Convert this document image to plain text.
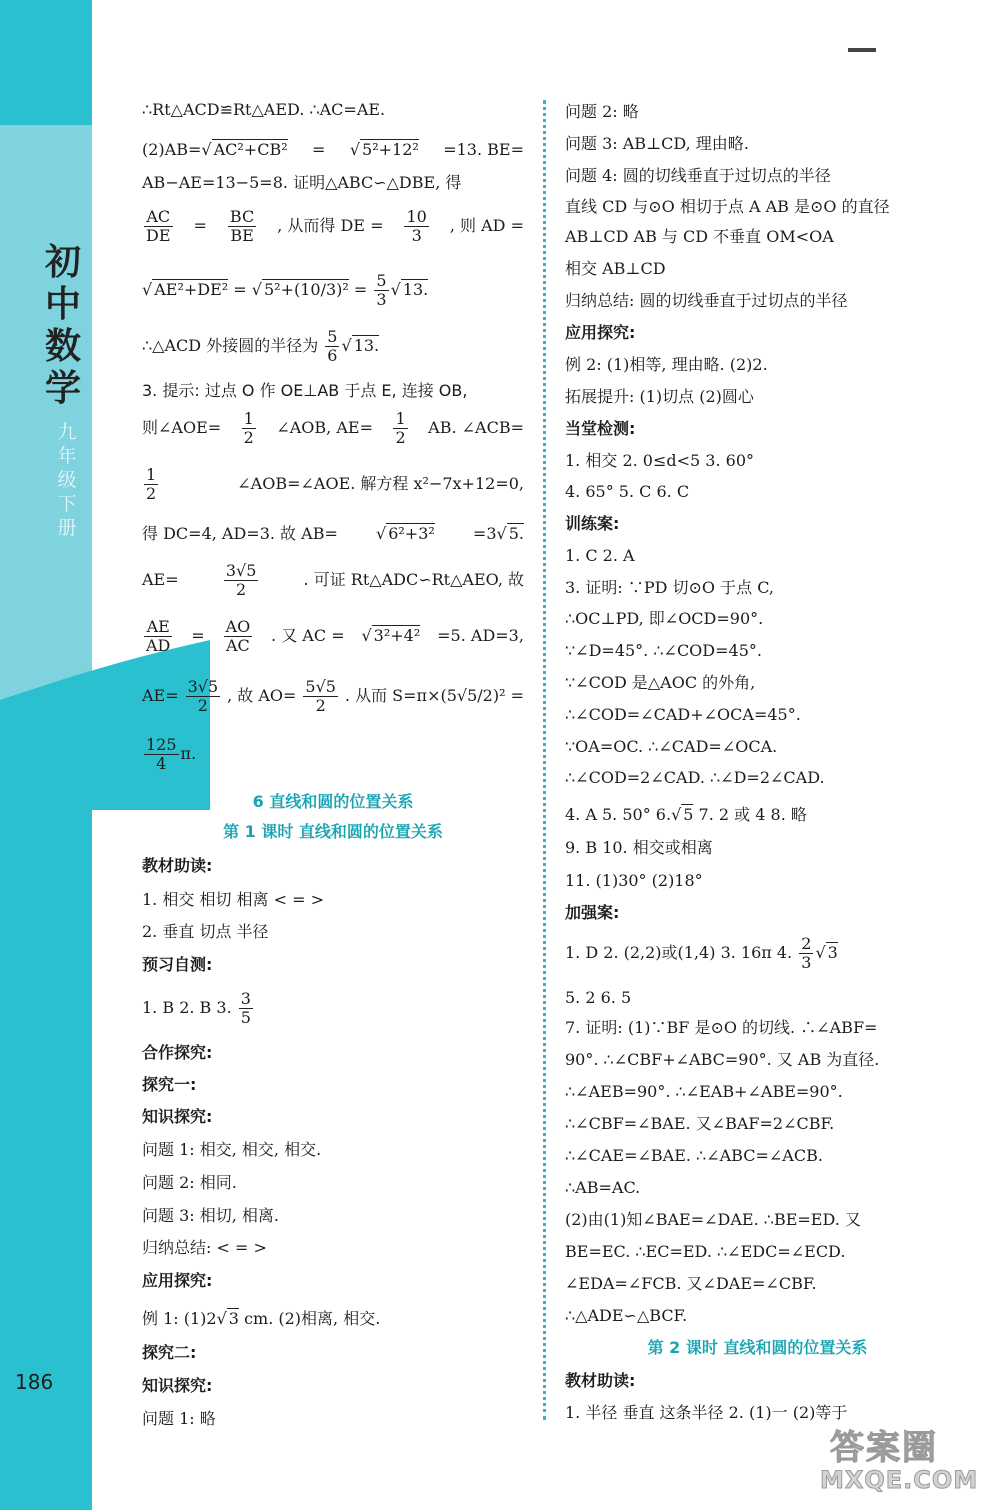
初中数学
九年级下册
186
∴Rt△ACD≌Rt△AED. ∴AC=AE.
(2)AB= √ AC²+CB² = √	5²+12² =13. BE=
AB−AE=13−5=8. 证明△ABC∽△DBE, 得
$\frac{AC}{DE} = \frac{BC}{BE}$ , 从而得 DE = $\frac{10}{3}$ , 则 AD =
√ AE²+DE² = √ $5^2+(10/3)^2 = \frac{5}{3}$ √ 13.
∴△ACD 外接圆的半径为 $\frac{5}{6}$ √ 13.
3. 提示: 过点 O 作 OE⊥AB 于点 E, 连接 OB,
则∠AOE= $\frac{1}{2}$ ∠AOB, $AE= \frac{1}{2}$ AB. ∠ACB=
$\frac{1}{2}$	∠AOB=∠AOE. 解方程 x²−7x+12=0,
得 DC=4, AD=3. 故 AB= √	6²+3² =3 √ 5.
AE=	$\frac{3√5}{2}$	. 可证 Rt△ADC∽Rt△AEO, 故
$\frac{AE}{AD} = \frac{AO}{AC}$ . 又 AC = √	3²+4² =5. AD=3,
$AE= \frac{3√5}{2}$ , 故 $AO= \frac{5√5}{2}$ . 从而 S=π×(5√5/2)² =
$\frac{125}{4} \pi$.
6 直线和圆的位置关系
第 1 课时 直线和圆的位置关系
教材助读:
1. 相交 相切 相离 < = >
2. 垂直 切点 半径
预习自测:
1. B 2. B 3. $\frac{3}{5}$
合作探究:
探究一:
知识探究:
问题 1: 相交, 相交, 相交.
问题 2: 相同.
问题 3: 相切, 相离.
归纳总结: < = >
应用探究:
例 1: (1)2 √ 3 cm. (2)相离, 相交.
探究二:
知识探究:
问题 1: 略
问题 2: 略
问题 3: AB⊥CD, 理由略.
问题 4: 圆的切线垂直于过切点的半径
直线 CD 与⊙O 相切于点 A AB 是⊙O 的直径
AB⊥CD AB 与 CD 不垂直 OM<OA
相交 AB⊥CD
归纳总结: 圆的切线垂直于过切点的半径
应用探究:
例 2: (1)相等, 理由略. (2)2.
拓展提升: (1)切点 (2)圆心
当堂检测:
1. 相交 2. 0≤d<5 3. 60°
4. 65° 5. C 6. C
训练案:
1. C 2. A
3. 证明: ∵PD 切⊙O 于点 C,
∴OC⊥PD, 即∠OCD=90°.
∵∠D=45°. ∴∠COD=45°.
∵∠COD 是△AOC 的外角,
∴∠COD=∠CAD+∠OCA=45°.
∵OA=OC. ∴∠CAD=∠OCA.
∴∠COD=2∠CAD. ∴∠D=2∠CAD.
4. A 5. 50° 6. √ 5 7. 2 或 4 8. 略
9. B 10. 相交或相离
11. (1)30° (2)18°
加强案:
1. D 2. (2,2)或(1,4) 3. 16π 4. $\frac{2}{3}$ √ 3
5. 2 6. 5
7. 证明: (1)∵BF 是⊙O 的切线. ∴∠ABF=
90°. ∴∠CBF+∠ABC=90°. 又 AB 为直径.
∴∠AEB=90°. ∴∠EAB+∠ABE=90°.
∴∠CBF=∠BAE. 又∠BAF=2∠CBF.
∴∠CAE=∠BAE. ∴∠ABC=∠ACB.
∴AB=AC.
(2)由(1)知∠BAE=∠DAE. ∴BE=ED. 又
BE=EC. ∴EC=ED. ∴∠EDC=∠ECD.
∠EDA=∠FCB. 又∠DAE=∠CBF.
∴△ADE∽△BCF.
第 2 课时 直线和圆的位置关系
教材助读:
1. 半径 垂直 这条半径 2. (1)一 (2)等于
答案圈
MXQE.COM
